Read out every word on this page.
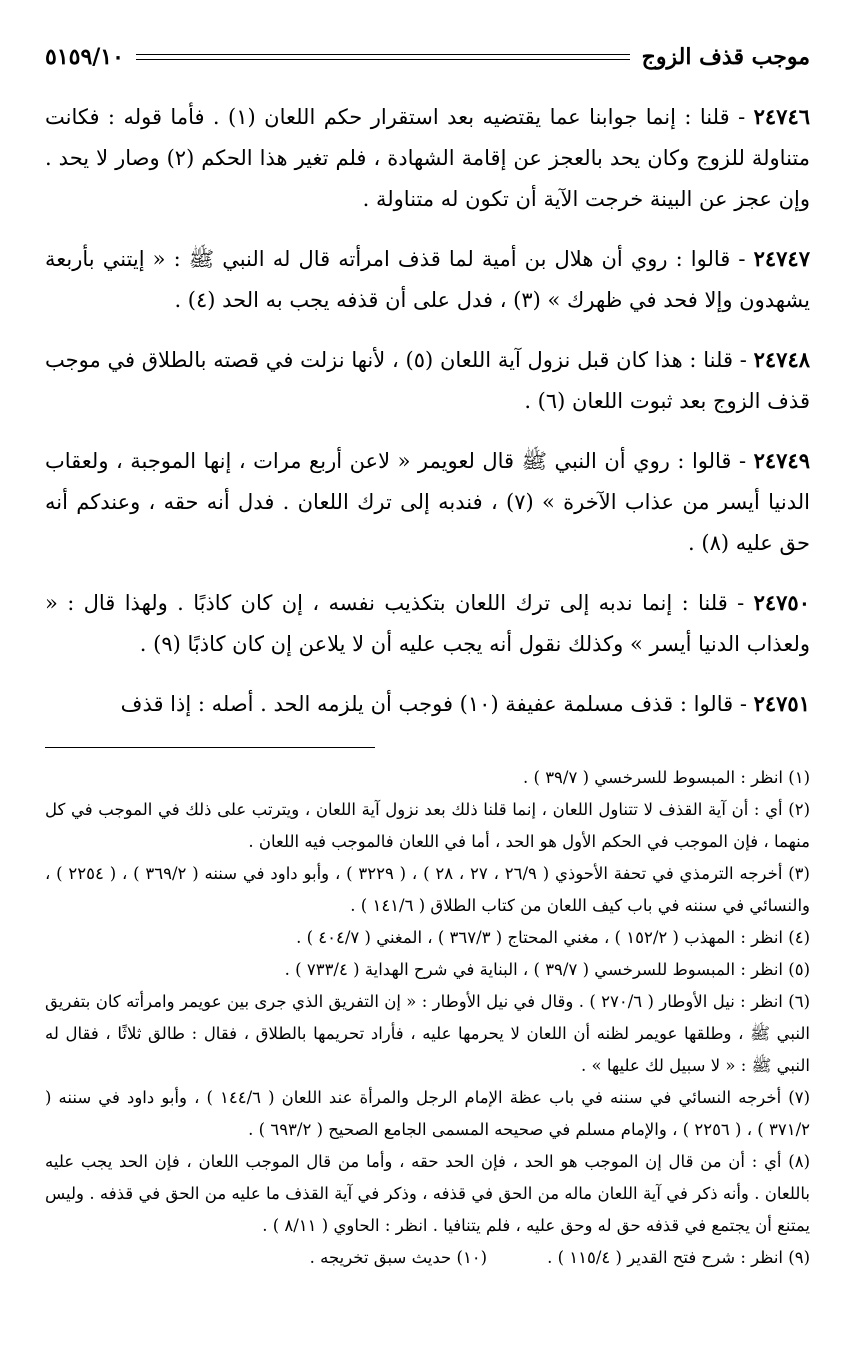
موجب قذف الزوج
٥١٥٩/١٠

٢٤٧٤٦ - قلنا : إنما جوابنا عما يقتضيه بعد استقرار حكم اللعان (١) . فأما قوله : فكانت متناولة للزوج وكان يحد بالعجز عن إقامة الشهادة ، فلم تغير هذا الحكم (٢) وصار لا يحد . وإن عجز عن البينة خرجت الآية أن تكون له متناولة .

٢٤٧٤٧ - قالوا : روي أن هلال بن أمية لما قذف امرأته قال له النبي ﷺ : « إيتني بأربعة يشهدون وإلا فحد في ظهرك » (٣) ، فدل على أن قذفه يجب به الحد (٤) .

٢٤٧٤٨ - قلنا : هذا كان قبل نزول آية اللعان (٥) ، لأنها نزلت في قصته بالطلاق في موجب قذف الزوج بعد ثبوت اللعان (٦) .

٢٤٧٤٩ - قالوا : روي أن النبي ﷺ قال لعويمر « لاعن أربع مرات ، إنها الموجبة ، ولعقاب الدنيا أيسر من عذاب الآخرة » (٧) ، فندبه إلى ترك اللعان . فدل أنه حقه ، وعندكم أنه حق عليه (٨) .

٢٤٧٥٠ - قلنا : إنما ندبه إلى ترك اللعان بتكذيب نفسه ، إن كان كاذبًا . ولهذا قال : « ولعذاب الدنيا أيسر » وكذلك نقول أنه يجب عليه أن لا يلاعن إن كان كاذبًا (٩) .

٢٤٧٥١ - قالوا : قذف مسلمة عفيفة (١٠) فوجب أن يلزمه الحد . أصله : إذا قذف

(١) انظر : المبسوط للسرخسي ( ٣٩/٧ ) .

(٢) أي : أن آية القذف لا تتناول اللعان ، إنما قلنا ذلك بعد نزول آية اللعان ، ويترتب على ذلك في الموجب في كل منهما ، فإن الموجب في الحكم الأول هو الحد ، أما في اللعان فالموجب فيه اللعان .

(٣) أخرجه الترمذي في تحفة الأحوذي ( ٢٦/٩ ، ٢٧ ، ٢٨ ) ، ( ٣٢٢٩ ) ، وأبو داود في سننه ( ٣٦٩/٢ ) ، ( ٢٢٥٤ ) ، والنسائي في سننه في باب كيف اللعان من كتاب الطلاق ( ١٤١/٦ ) .

(٤) انظر : المهذب ( ١٥٢/٢ ) ، مغني المحتاج ( ٣٦٧/٣ ) ، المغني ( ٤٠٤/٧ ) .

(٥) انظر : المبسوط للسرخسي ( ٣٩/٧ ) ، البناية في شرح الهداية ( ٧٣٣/٤ ) .

(٦) انظر : نيل الأوطار ( ٢٧٠/٦ ) . وقال في نيل الأوطار : « إن التفريق الذي جرى بين عويمر وامرأته كان بتفريق النبي ﷺ ، وطلقها عويمر لظنه أن اللعان لا يحرمها عليه ، فأراد تحريمها بالطلاق ، فقال : طالق ثلاثًا ، فقال له النبي ﷺ : « لا سبيل لك عليها » .

(٧) أخرجه النسائي في سننه في باب عظة الإمام الرجل والمرأة عند اللعان ( ١٤٤/٦ ) ، وأبو داود في سننه ( ٣٧١/٢ ) ، ( ٢٢٥٦ ) ، والإمام مسلم في صحيحه المسمى الجامع الصحيح ( ٦٩٣/٢ ) .

(٨) أي : أن من قال إن الموجب هو الحد ، فإن الحد حقه ، وأما من قال الموجب اللعان ، فإن الحد يجب عليه باللعان . وأنه ذكر في آية اللعان ماله من الحق في قذفه ، وذكر في آية القذف ما عليه من الحق في قذفه . وليس يمتنع أن يجتمع في قذفه حق له وحق عليه ، فلم يتنافيا . انظر : الحاوي ( ٨/١١ ) .

(٩) انظر : شرح فتح القدير ( ١١٥/٤ ) .
(١٠) حديث سبق تخريجه .
